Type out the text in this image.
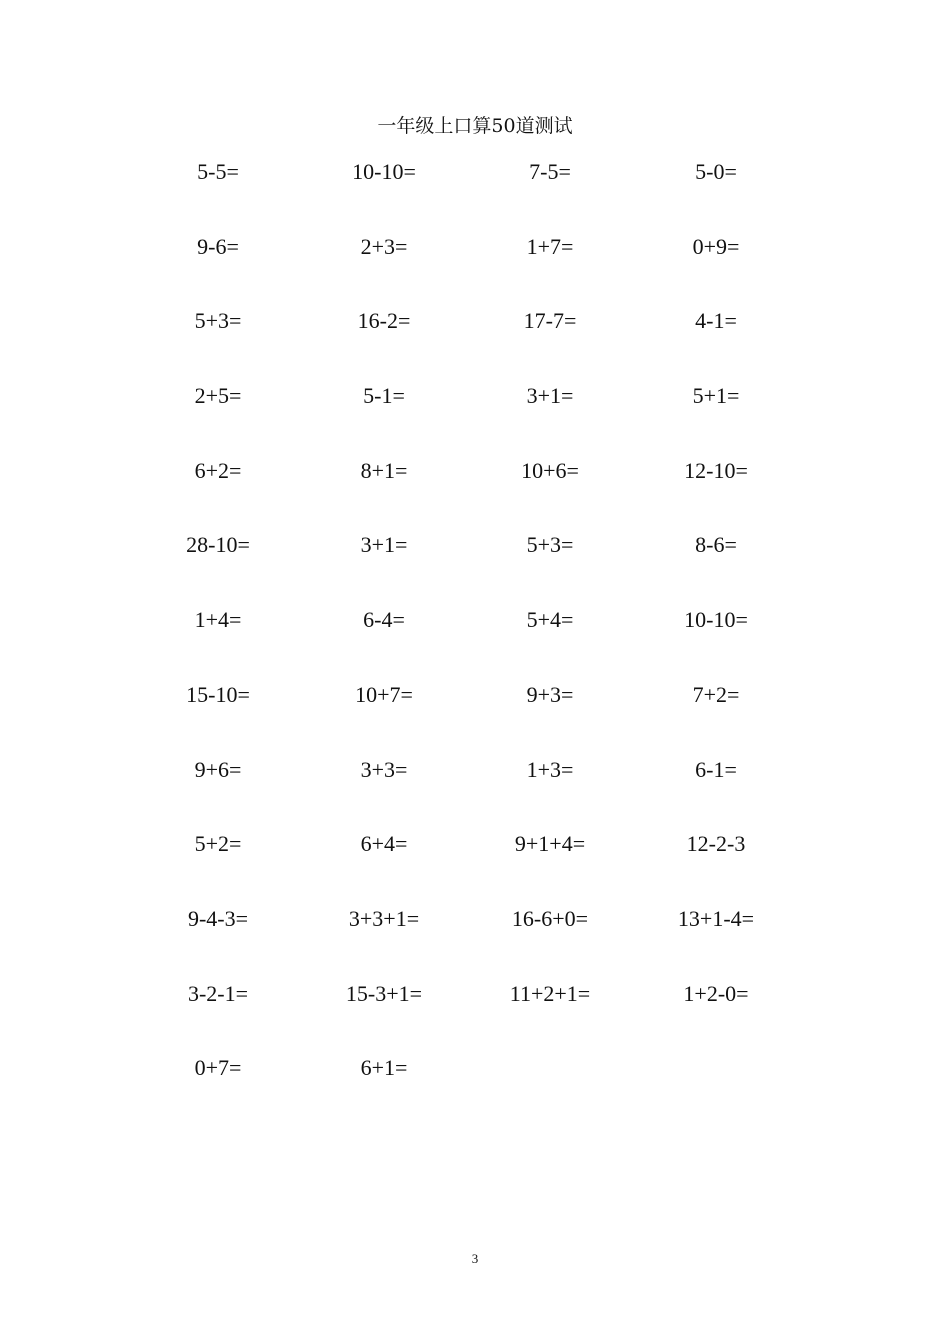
一年级上口算50道测试
5-5=	10-10=	7-5=	5-0=
9-6=	2+3=	1+7=	0+9=
5+3=	16-2=	17-7=	4-1=
2+5=	5-1=	3+1=	5+1=
6+2=	8+1=	10+6=	12-10=
28-10=	3+1=	5+3=	8-6=
1+4=	6-4=	5+4=	10-10=
15-10=	10+7=	9+3=	7+2=
9+6=	3+3=	1+3=	6-1=
5+2=	6+4=	9+1+4=	12-2-3
9-4-3=	3+3+1=	16-6+0=	13+1-4=
3-2-1=	15-3+1=	11+2+1=	1+2-0=
0+7=	6+1=
3
